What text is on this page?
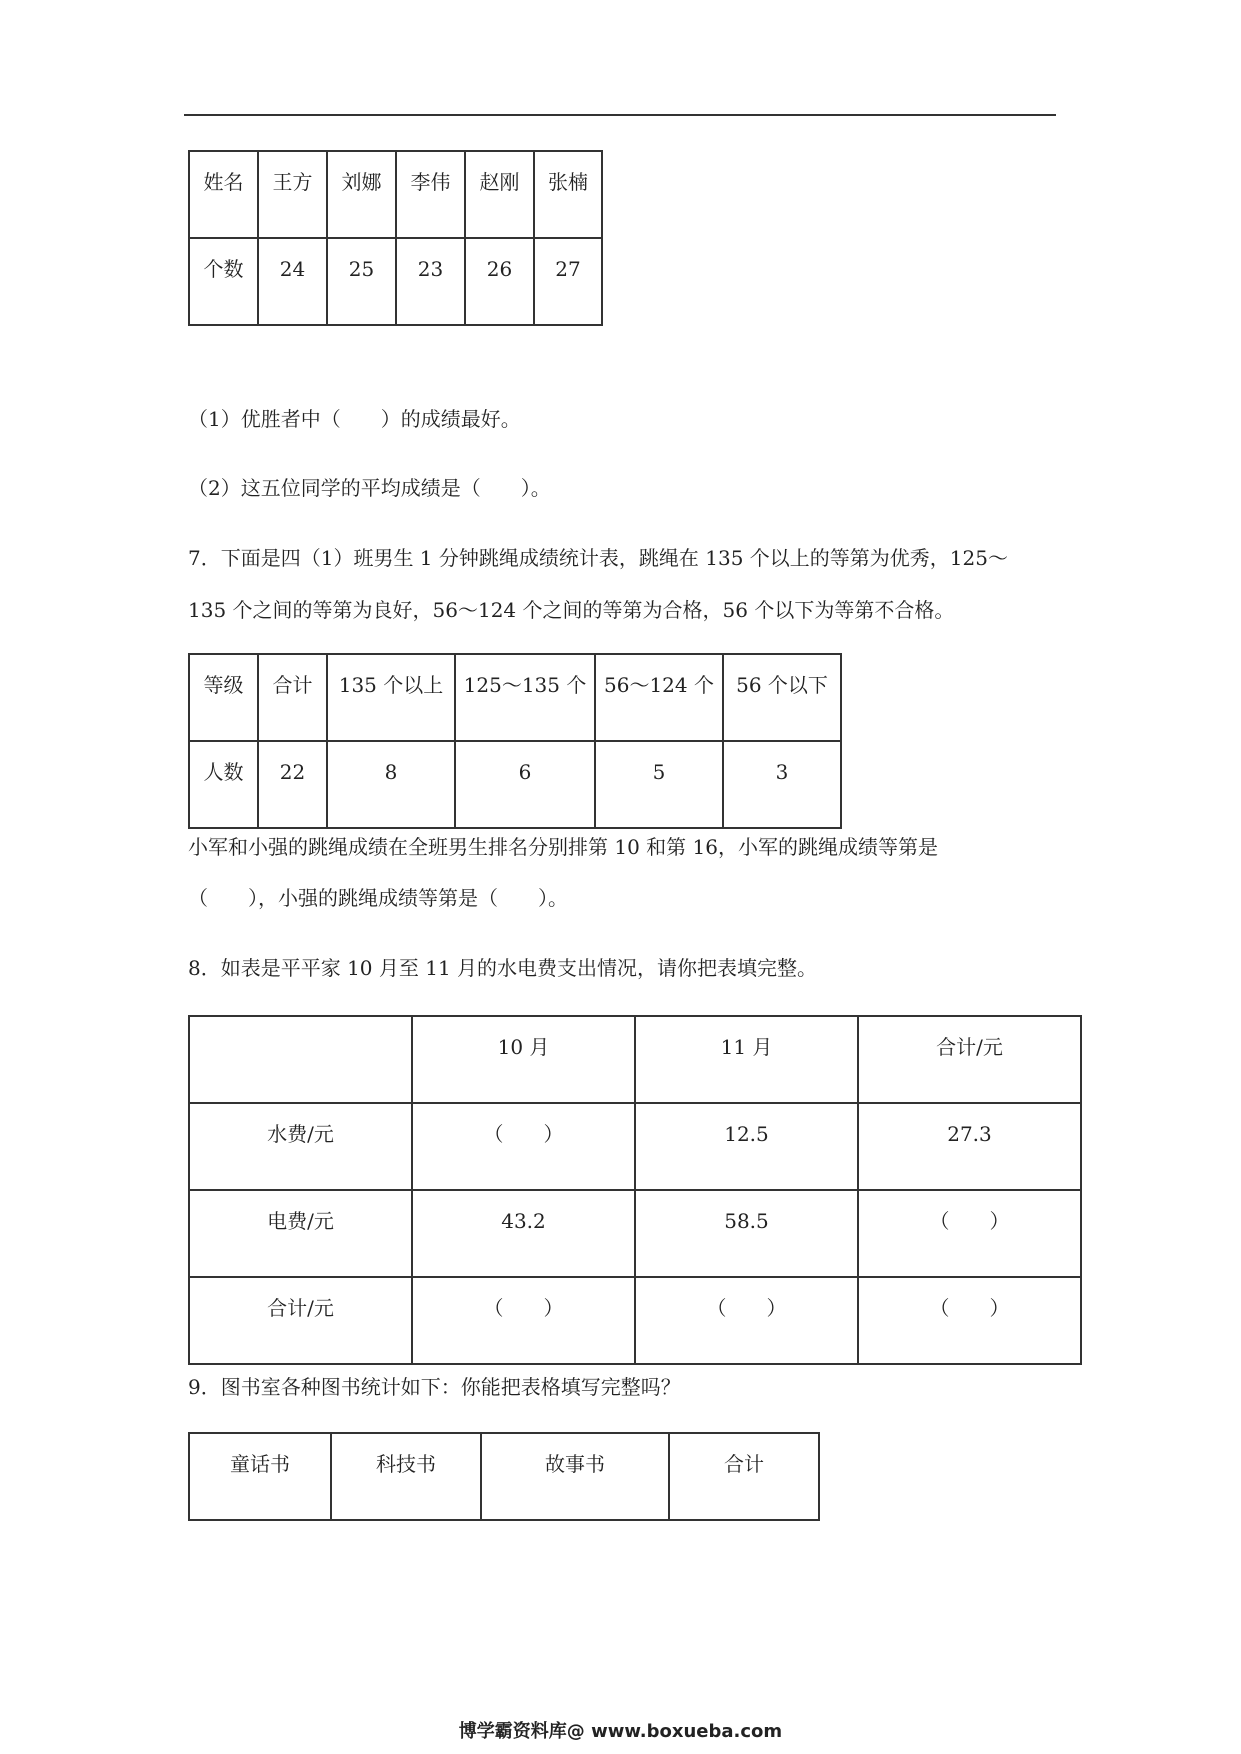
姓名	王方	刘娜	李伟	赵刚	张楠
个数	24	25	23	26	27

（1）优胜者中（　　）的成绩最好。

（2）这五位同学的平均成绩是（　　）。

7．下面是四（1）班男生 1 分钟跳绳成绩统计表，跳绳在 135 个以上的等第为优秀，125～

135 个之间的等第为良好，56～124 个之间的等第为合格，56 个以下为等第不合格。

等级	合计	135 个以上	125～135 个	56～124 个	56 个以下
人数	22	8	6	5	3

小军和小强的跳绳成绩在全班男生排名分别排第 10 和第 16，小军的跳绳成绩等第是

（　　），小强的跳绳成绩等第是（　　）。

8．如表是平平家 10 月至 11 月的水电费支出情况，请你把表填完整。

	10 月	11 月	合计/元
水费/元	（　　）	12.5	27.3
电费/元	43.2	58.5	（　　）
合计/元	（　　）	（　　）	（　　）

9．图书室各种图书统计如下：你能把表格填写完整吗？

童话书	科技书	故事书	合计
博学霸资料库@ www.boxueba.com
